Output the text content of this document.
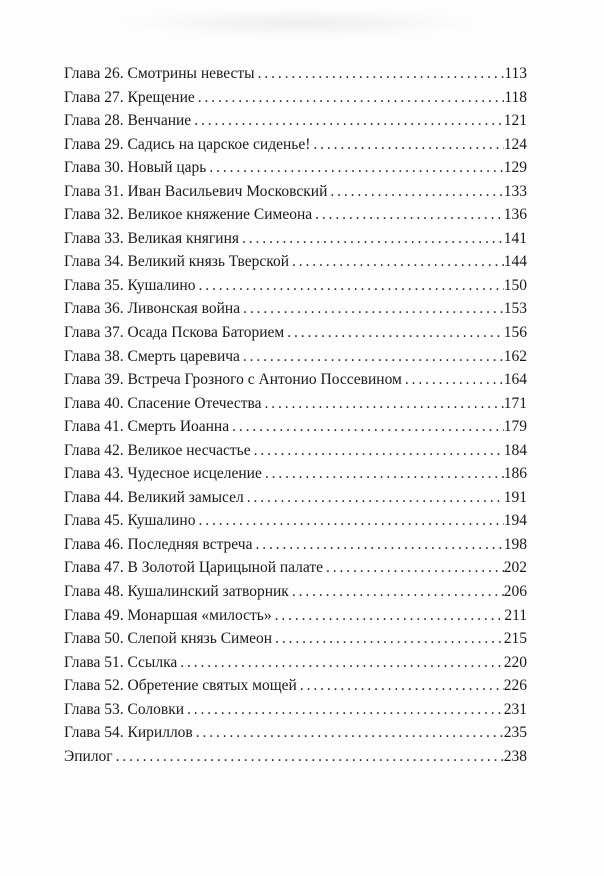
Глава 26. Смотрины невесты . . .	113
Глава 27. Крещение . . .	118
Глава 28. Венчание . . .	121
Глава 29. Садись на царское сиденье! . . .	124
Глава 30. Новый царь . . .	129
Глава 31. Иван Васильевич Московский . . .	133
Глава 32. Великое княжение Симеона . . .	136
Глава 33. Великая княгиня . . .	141
Глава 34. Великий князь Тверской . . .	144
Глава 35. Кушалино . . .	150
Глава 36. Ливонская война . . .	153
Глава 37. Осада Пскова Баторием . . .	156
Глава 38. Смерть царевича . . .	162
Глава 39. Встреча Грозного с Антонио Поссевином . . .	164
Глава 40. Спасение Отечества . . .	171
Глава 41. Смерть Иоанна . . .	179
Глава 42. Великое несчастье . . .	184
Глава 43. Чудесное исцеление . . .	186
Глава 44. Великий замысел . . .	191
Глава 45. Кушалино . . .	194
Глава 46. Последняя встреча . . .	198
Глава 47. В Золотой Царицыной палате . . .	202
Глава 48. Кушалинский затворник . . .	206
Глава 49. Монаршая «милость» . . .	211
Глава 50. Слепой князь Симеон . . .	215
Глава 51. Ссылка . . .	220
Глава 52. Обретение святых мощей . . .	226
Глава 53. Соловки . . .	231
Глава 54. Кириллов . . .	235
Эпилог . . .	238
